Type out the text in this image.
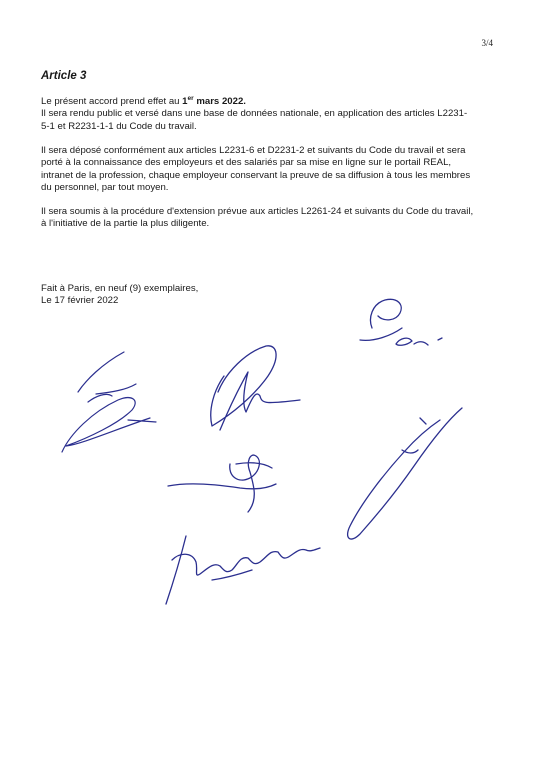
3/4
Article 3

Le présent accord prend effet au 1er mars 2022.
Il sera rendu public et versé dans une base de données nationale, en application des articles L2231-
5-1 et R2231-1-1 du Code du travail.

Il sera déposé conformément aux articles L2231-6 et D2231-2 et suivants du Code du travail et sera
porté à la connaissance des employeurs et des salariés par sa mise en ligne sur le portail REAL,
intranet de la profession, chaque employeur conservant la preuve de sa diffusion à tous les membres
du personnel, par tout moyen.

Il sera soumis à la procédure d'extension prévue aux articles L2261-24 et suivants du Code du travail,
à l'initiative de la partie la plus diligente.

Fait à Paris, en neuf (9) exemplaires,
Le 17 février 2022
